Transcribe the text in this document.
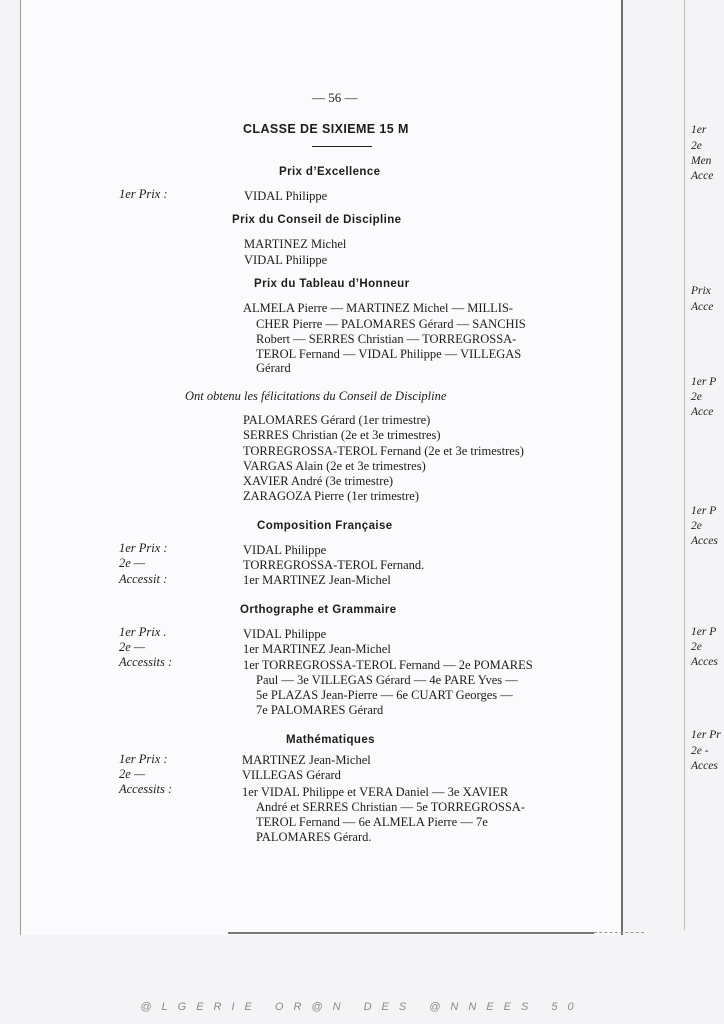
— 56 —
CLASSE DE SIXIEME 15 M
Prix d’Excellence
1er Prix :	VIDAL Philippe
Prix du Conseil de Discipline
MARTINEZ Michel
VIDAL Philippe
Prix du Tableau d’Honneur
ALMELA Pierre — MARTINEZ Michel — MILLIS-
CHER Pierre — PALOMARES Gérard — SANCHIS
Robert — SERRES Christian — TORREGROSSA-
TEROL Fernand — VIDAL Philippe — VILLEGAS
Gérard
Ont obtenu les félicitations du Conseil de Discipline
PALOMARES Gérard (1er trimestre)
SERRES Christian (2e et 3e trimestres)
TORREGROSSA-TEROL Fernand (2e et 3e trimestres)
VARGAS Alain (2e et 3e trimestres)
XAVIER André (3e trimestre)
ZARAGOZA Pierre (1er trimestre)
Composition Française
1er Prix :
2e —
Accessit :
VIDAL Philippe
TORREGROSSA-TEROL Fernand.
1er MARTINEZ Jean-Michel
Orthographe et Grammaire
1er Prix .
2e —
Accessits :
VIDAL Philippe
1er MARTINEZ Jean-Michel
1er TORREGROSSA-TEROL Fernand — 2e POMARES
Paul — 3e VILLEGAS Gérard — 4e PARE Yves —
5e PLAZAS Jean-Pierre — 6e CUART Georges —
7e PALOMARES Gérard
Mathématiques
1er Prix :
2e —
Accessits :
MARTINEZ Jean-Michel
VILLEGAS Gérard
1er VIDAL Philippe et VERA Daniel — 3e XAVIER
André et SERRES Christian — 5e TORREGROSSA-
TEROL Fernand — 6e ALMELA Pierre — 7e
PALOMARES Gérard.
1er
2e
Men
Acce
Prix
Acce
1er P
2e
Acce
1er P
2e
Acces
1er P
2e
Acces
1er Pr
2e -
Acces
@LGERIE OR@N DES @NNEES 50
